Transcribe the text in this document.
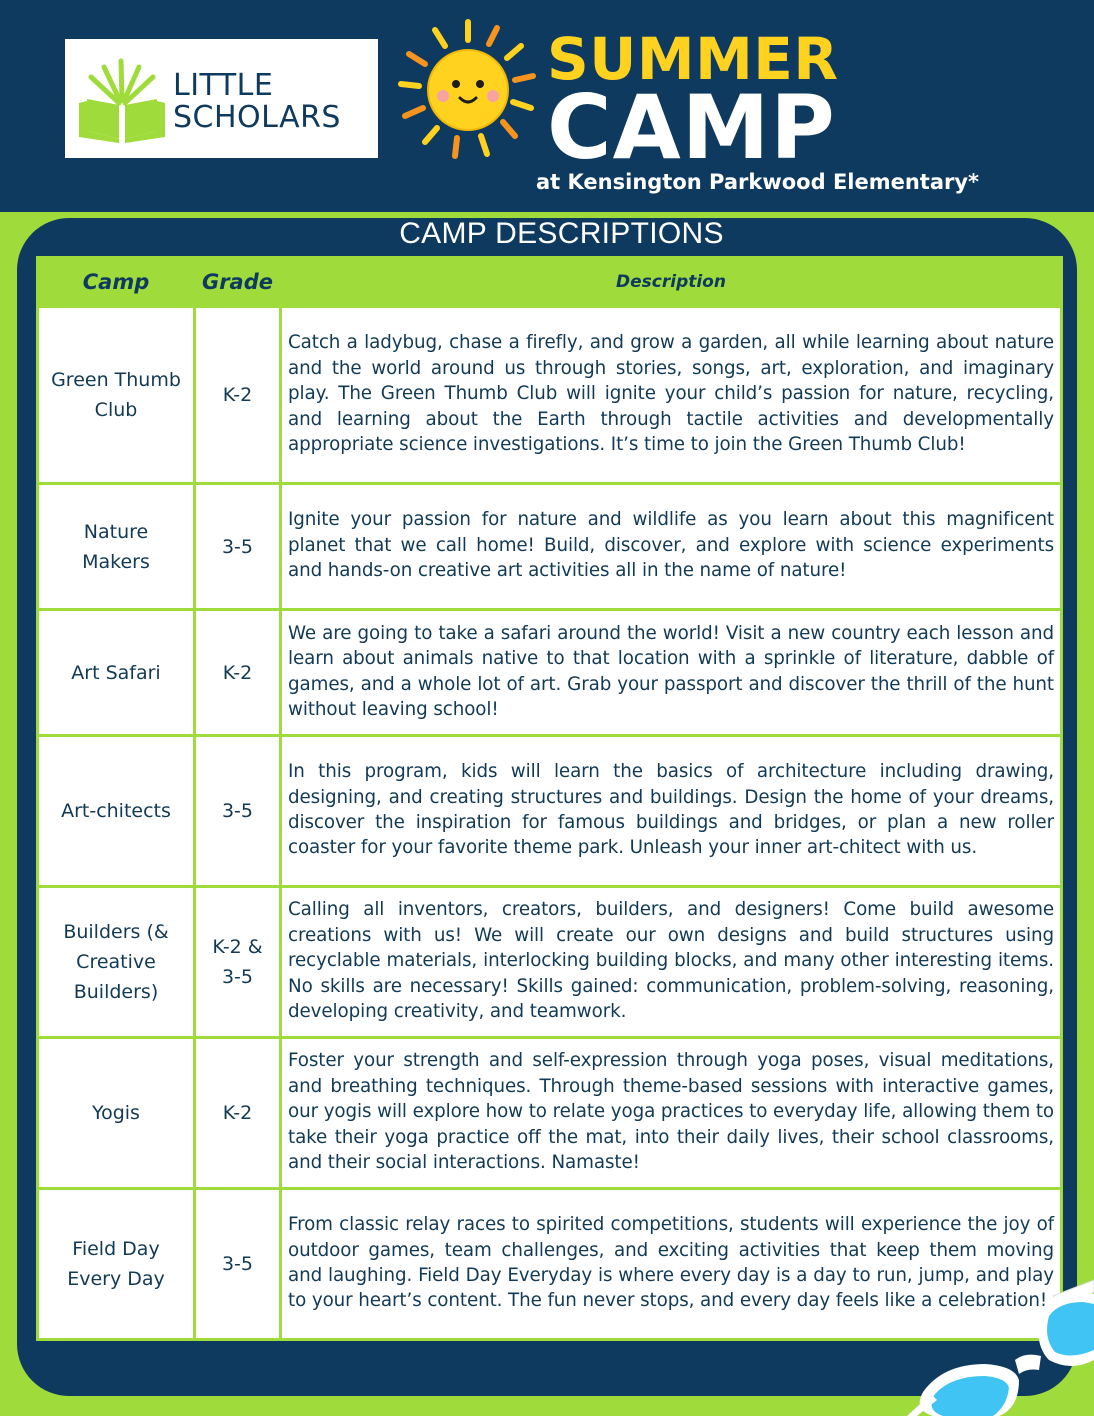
LITTLE
SCHOLARS
SUMMER
CAMP
at Kensington Parkwood Elementary*
CAMP DESCRIPTIONS
Camp	Grade	Description
Green Thumb Club	K-2	Catch a ladybug, chase a firefly, and grow a garden, all while learning about nature and the world around us through stories, songs, art, exploration, and imaginary play. The Green Thumb Club will ignite your child’s passion for nature, recycling, and learning about the Earth through tactile activities and developmentally appropriate science investigations. It’s time to join the Green Thumb Club!
Nature Makers	3-5	Ignite your passion for nature and wildlife as you learn about this magnificent planet that we call home! Build, discover, and explore with science experiments and hands-on creative art activities all in the name of nature!
Art Safari	K-2	We are going to take a safari around the world! Visit a new country each lesson and learn about animals native to that location with a sprinkle of literature, dabble of games, and a whole lot of art. Grab your passport and discover the thrill of the hunt without leaving school!
Art-chitects	3-5	In this program, kids will learn the basics of architecture including drawing, designing, and creating structures and buildings. Design the home of your dreams, discover the inspiration for famous buildings and bridges, or plan a new roller coaster for your favorite theme park. Unleash your inner art-chitect with us.
Builders (& Creative Builders)	K-2 & 3-5	Calling all inventors, creators, builders, and designers! Come build awesome creations with us! We will create our own designs and build structures using recyclable materials, interlocking building blocks, and many other interesting items. No skills are necessary! Skills gained: communication, problem-solving, reasoning, developing creativity, and teamwork.
Yogis	K-2	Foster your strength and self-expression through yoga poses, visual meditations, and breathing techniques. Through theme-based sessions with interactive games, our yogis will explore how to relate yoga practices to everyday life, allowing them to take their yoga practice off the mat, into their daily lives, their school classrooms, and their social interactions. Namaste!
Field Day Every Day	3-5	From classic relay races to spirited competitions, students will experience the joy of outdoor games, team challenges, and exciting activities that keep them moving and laughing. Field Day Everyday is where every day is a day to run, jump, and play to your heart’s content. The fun never stops, and every day feels like a celebration!
